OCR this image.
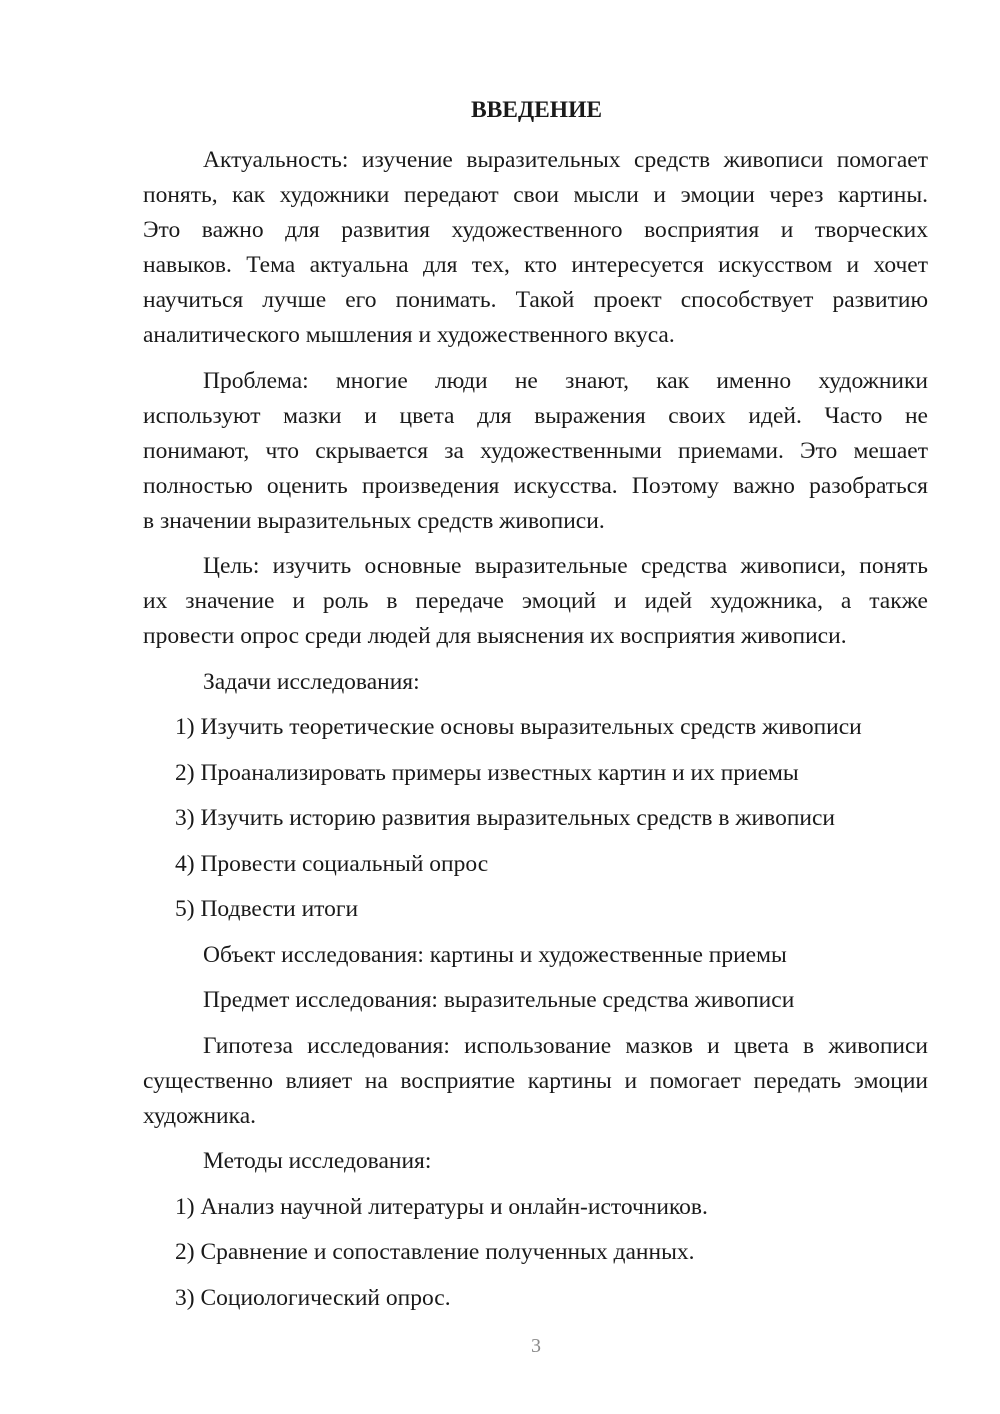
ВВЕДЕНИЕ
Актуальность: изучение выразительных средств живописи помогает
понять, как художники передают свои мысли и эмоции через картины.
Это важно для развития художественного восприятия и творческих
навыков. Тема актуальна для тех, кто интересуется искусством и хочет
научиться лучше его понимать. Такой проект способствует развитию
аналитического мышления и художественного вкуса.
Проблема: многие люди не знают, как именно художники
используют мазки и цвета для выражения своих идей. Часто не
понимают, что скрывается за художественными приемами. Это мешает
полностью оценить произведения искусства. Поэтому важно разобраться
в значении выразительных средств живописи.
Цель: изучить основные выразительные средства живописи, понять
их значение и роль в передаче эмоций и идей художника, а также
провести опрос среди людей для выяснения их восприятия живописи.
Задачи исследования:
1) Изучить теоретические основы выразительных средств живописи
2) Проанализировать примеры известных картин и их приемы
3) Изучить историю развития выразительных средств в живописи
4) Провести социальный опрос
5) Подвести итоги
Объект исследования: картины и художественные приемы
Предмет исследования: выразительные средства живописи
Гипотеза исследования: использование мазков и цвета в живописи
существенно влияет на восприятие картины и помогает передать эмоции
художника.
Методы исследования:
1) Анализ научной литературы и онлайн-источников.
2) Сравнение и сопоставление полученных данных.
3) Социологический опрос.
3
